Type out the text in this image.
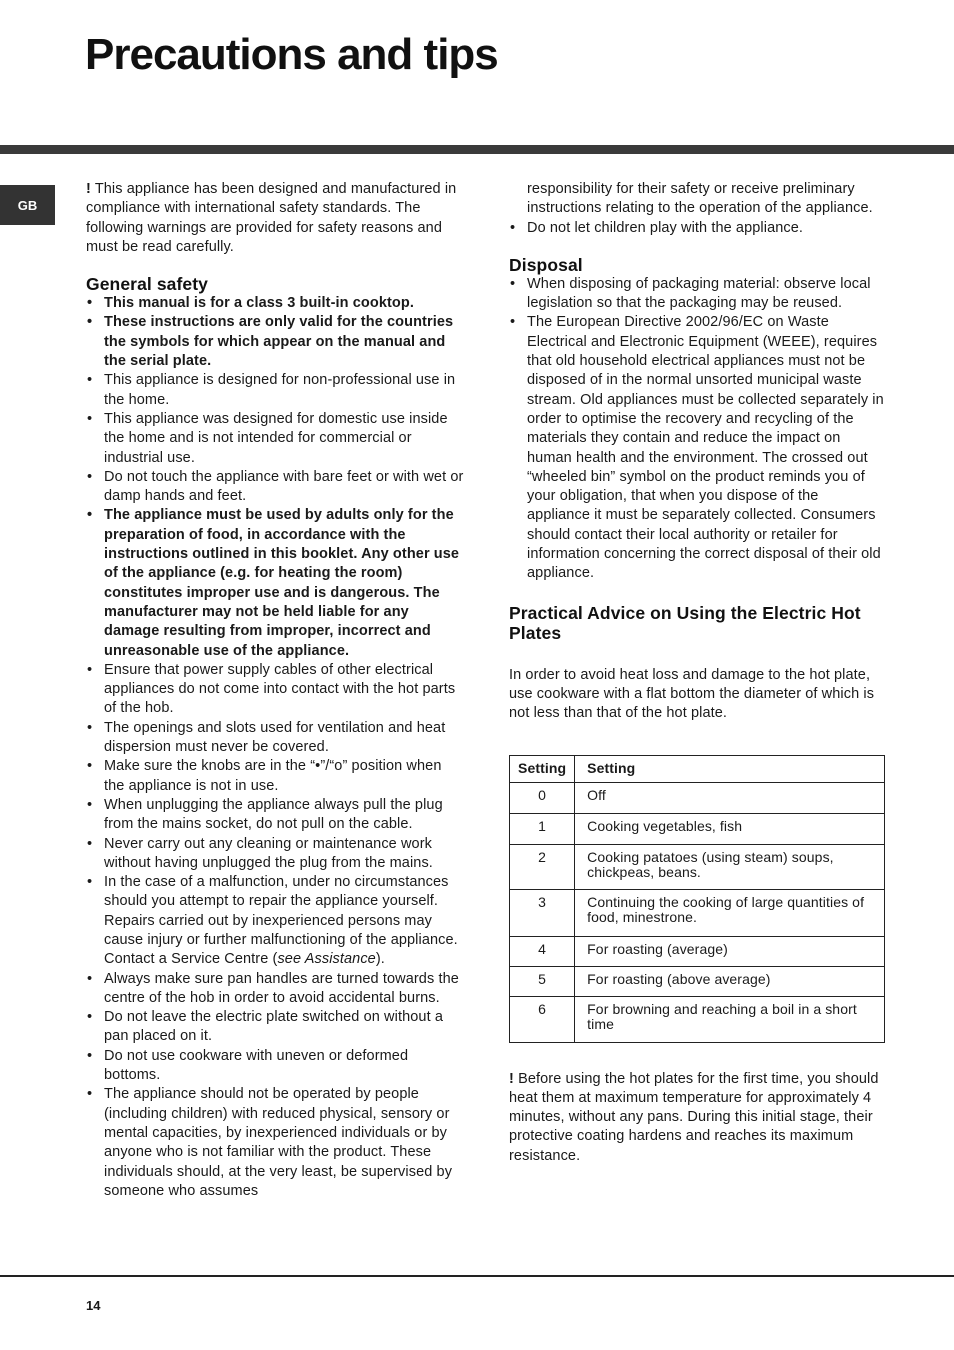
Precautions and tips
GB

! This appliance has been designed and manufactured in compliance with international safety standards. The following warnings are provided for safety reasons and must be read carefully.

General safety
• This manual is for a class 3 built-in cooktop.
• These instructions are only valid for the countries the symbols for which appear on the manual and the serial plate.
• This appliance is designed for non-professional use in the home.
• This appliance was designed for domestic use inside the home and is not intended for commercial or industrial use.
• Do not touch the appliance with bare feet or with wet or damp hands and feet.
• The appliance must be used by adults only for the preparation of food, in accordance with the instructions outlined in this booklet. Any other use of the appliance (e.g. for heating the room) constitutes improper use and is dangerous. The manufacturer may not be held liable for any damage resulting from improper, incorrect and unreasonable use of the appliance.
• Ensure that power supply cables of other electrical appliances do not come into contact with the hot parts of the hob.
• The openings and slots used for ventilation and heat dispersion must never be covered.
• Make sure the knobs are in the “•”/“o” position when the appliance is not in use.
• When unplugging the appliance always pull the plug from the mains socket, do not pull on the cable.
• Never carry out any cleaning or maintenance work without having unplugged the plug from the mains.
• In the case of a malfunction, under no circumstances should you attempt to repair the appliance yourself. Repairs carried out by inexperienced persons may cause injury or further malfunctioning of the appliance. Contact a Service Centre (see Assistance).
• Always make sure pan handles are turned towards the centre of the hob in order to avoid accidental burns.
• Do not leave the electric plate switched on without a pan placed on it.
• Do not use cookware with uneven or deformed bottoms.
• The appliance should not be operated by people (including children) with reduced physical, sensory or mental capacities, by inexperienced individuals or by anyone who is not familiar with the product. These individuals should, at the very least, be supervised by someone who assumes

responsibility for their safety or receive preliminary instructions relating to the operation of the appliance.

• Do not let children play with the appliance.
Disposal
• When disposing of packaging material: observe local legislation so that the packaging may be reused.
• The European Directive 2002/96/EC on Waste Electrical and Electronic Equipment (WEEE), requires that old household electrical appliances must not be disposed of in the normal unsorted municipal waste stream. Old appliances must be collected separately in order to optimise the recovery and recycling of the materials they contain and reduce the impact on human health and the environment. The crossed out “wheeled bin” symbol on the product reminds you of your obligation, that when you dispose of the appliance it must be separately collected. Consumers should contact their local authority or retailer for information concerning the correct disposal of their old appliance.
Practical Advice on Using the Electric Hot Plates

In order to avoid heat loss and damage to the hot plate, use cookware with a flat bottom the diameter of which is not less than that of the hot plate.

Setting	Setting
0	Off
1	Cooking vegetables, fish
2	Cooking patatoes (using steam) soups, chickpeas, beans.
3	Continuing the cooking of large quantities of food, minestrone.
4	For roasting (average)
5	For roasting (above average)
6	For browning and reaching a boil in a short time

! Before using the hot plates for the first time, you should heat them at maximum temperature for approximately 4 minutes, without any pans. During this initial stage, their protective coating hardens and reaches its maximum resistance.

14
